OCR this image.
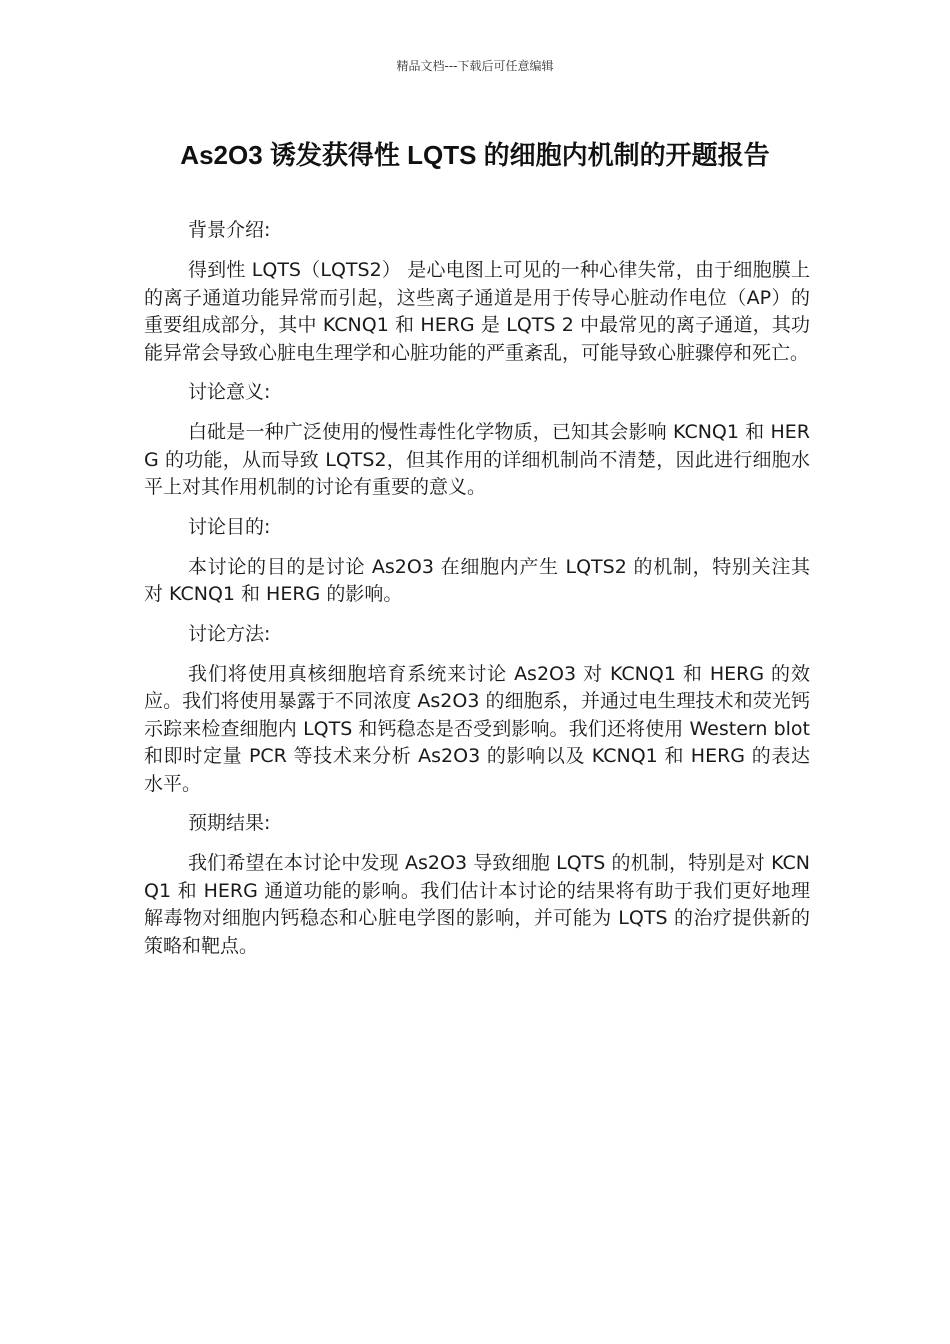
精品文档---下载后可任意编辑
As2O3 诱发获得性 LQTS 的细胞内机制的开题报告

背景介绍:

得到性 LQTS（LQTS2） 是心电图上可见的一种心律失常，由于细胞膜上的离子通道功能异常而引起，这些离子通道是用于传导心脏动作电位（AP）的重要组成部分，其中 KCNQ1 和 HERG 是 LQTS 2 中最常见的离子通道，其功能异常会导致心脏电生理学和心脏功能的严重紊乱，可能导致心脏骤停和死亡。

讨论意义:

白砒是一种广泛使用的慢性毒性化学物质，已知其会影响 KCNQ1 和 HERG 的功能，从而导致 LQTS2，但其作用的详细机制尚不清楚，因此进行细胞水平上对其作用机制的讨论有重要的意义。

讨论目的:

本讨论的目的是讨论 As2O3 在细胞内产生 LQTS2 的机制，特别关注其对 KCNQ1 和 HERG 的影响。

讨论方法:

我们将使用真核细胞培育系统来讨论 As2O3 对 KCNQ1 和 HERG 的效应。我们将使用暴露于不同浓度 As2O3 的细胞系，并通过电生理技术和荧光钙示踪来检查细胞内 LQTS 和钙稳态是否受到影响。我们还将使用 Western blot 和即时定量 PCR 等技术来分析 As2O3 的影响以及 KCNQ1 和 HERG 的表达水平。

预期结果:

我们希望在本讨论中发现 As2O3 导致细胞 LQTS 的机制，特别是对 KCNQ1 和 HERG 通道功能的影响。我们估计本讨论的结果将有助于我们更好地理解毒物对细胞内钙稳态和心脏电学图的影响，并可能为 LQTS 的治疗提供新的策略和靶点。
